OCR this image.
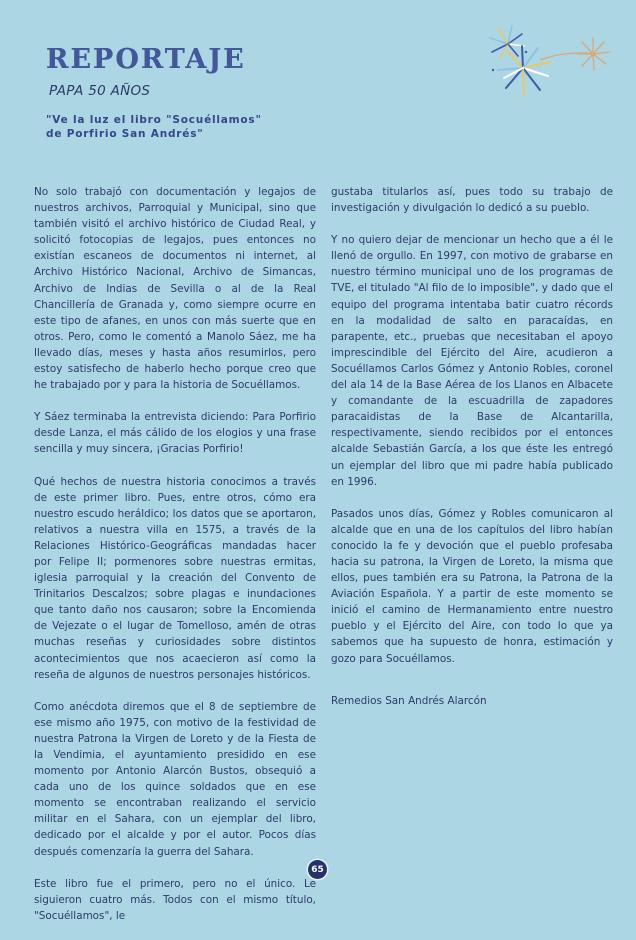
REPORTAJE
PAPA 50 AÑOS
"Ve la luz el libro "Socuéllamos"
de Porfirio San Andrés"

No solo trabajó con documentación y legajos de nuestros archivos, Parroquial y Municipal, sino que también visitó el archivo histórico de Ciudad Real, y solicitó fotocopias de legajos, pues entonces no existían escaneos de documentos ni internet, al Archivo Histórico Nacional, Archivo de Simancas, Archivo de Indias de Sevilla o al de la Real Chancillería de Granada y, como siempre ocurre en este tipo de afanes, en unos con más suerte que en otros. Pero, como le comentó a Manolo Sáez, me ha llevado días, meses y hasta años resumirlos, pero estoy satisfecho de haberlo hecho porque creo que he trabajado por y para la historia de Socuéllamos.

Y Sáez terminaba la entrevista diciendo: Para Porfirio desde Lanza, el más cálido de los elogios y una frase sencilla y muy sincera, ¡Gracias Porfirio!

Qué hechos de nuestra historia conocimos a través de este primer libro. Pues, entre otros, cómo era nuestro escudo heráldico; los datos que se aportaron, relativos a nuestra villa en 1575, a través de la Relaciones Histórico-Geográficas mandadas hacer por Felipe II; pormenores sobre nuestras ermitas, iglesia parroquial y la creación del Convento de Trinitarios Descalzos; sobre plagas e inundaciones que tanto daño nos causaron; sobre la Encomienda de Vejezate o el lugar de Tomelloso, amén de otras muchas reseñas y curiosidades sobre distintos acontecimientos que nos acaecieron así como la reseña de algunos de nuestros personajes históricos.

Como anécdota diremos que el 8 de septiembre de ese mismo año 1975, con motivo de la festividad de nuestra Patrona la Virgen de Loreto y de la Fiesta de la Vendimia, el ayuntamiento presidido en ese momento por Antonio Alarcón Bustos, obsequió a cada uno de los quince soldados que en ese momento se encontraban realizando el servicio militar en el Sahara, con un ejemplar del libro, dedicado por el alcalde y por el autor. Pocos días después comenzaría la guerra del Sahara.

Este libro fue el primero, pero no el único. Le siguieron cuatro más. Todos con el mismo título, "Socuéllamos", le

gustaba titularlos así, pues todo su trabajo de investigación y divulgación lo dedicó a su pueblo.

Y no quiero dejar de mencionar un hecho que a él le llenó de orgullo. En 1997, con motivo de grabarse en nuestro término municipal uno de los programas de TVE, el titulado "Al filo de lo imposible", y dado que el equipo del programa intentaba batir cuatro récords en la modalidad de salto en paracaídas, en parapente, etc., pruebas que necesitaban el apoyo imprescindible del Ejército del Aire, acudieron a Socuéllamos Carlos Gómez y Antonio Robles, coronel del ala 14 de la Base Aérea de los Llanos en Albacete y comandante de la escuadrilla de zapadores paracaidistas de la Base de Alcantarilla, respectivamente, siendo recibidos por el entonces alcalde Sebastián García, a los que éste les entregó un ejemplar del libro que mi padre había publicado en 1996.

Pasados unos días, Gómez y Robles comunicaron al alcalde que en una de los capítulos del libro habían conocido la fe y devoción que el pueblo profesaba hacia su patrona, la Virgen de Loreto, la misma que ellos, pues también era su Patrona, la Patrona de la Aviación Española. Y a partir de este momento se inició el camino de Hermanamiento entre nuestro pueblo y el Ejército del Aire, con todo lo que ya sabemos que ha supuesto de honra, estimación y gozo para Socuéllamos.

Remedios San Andrés Alarcón

65
